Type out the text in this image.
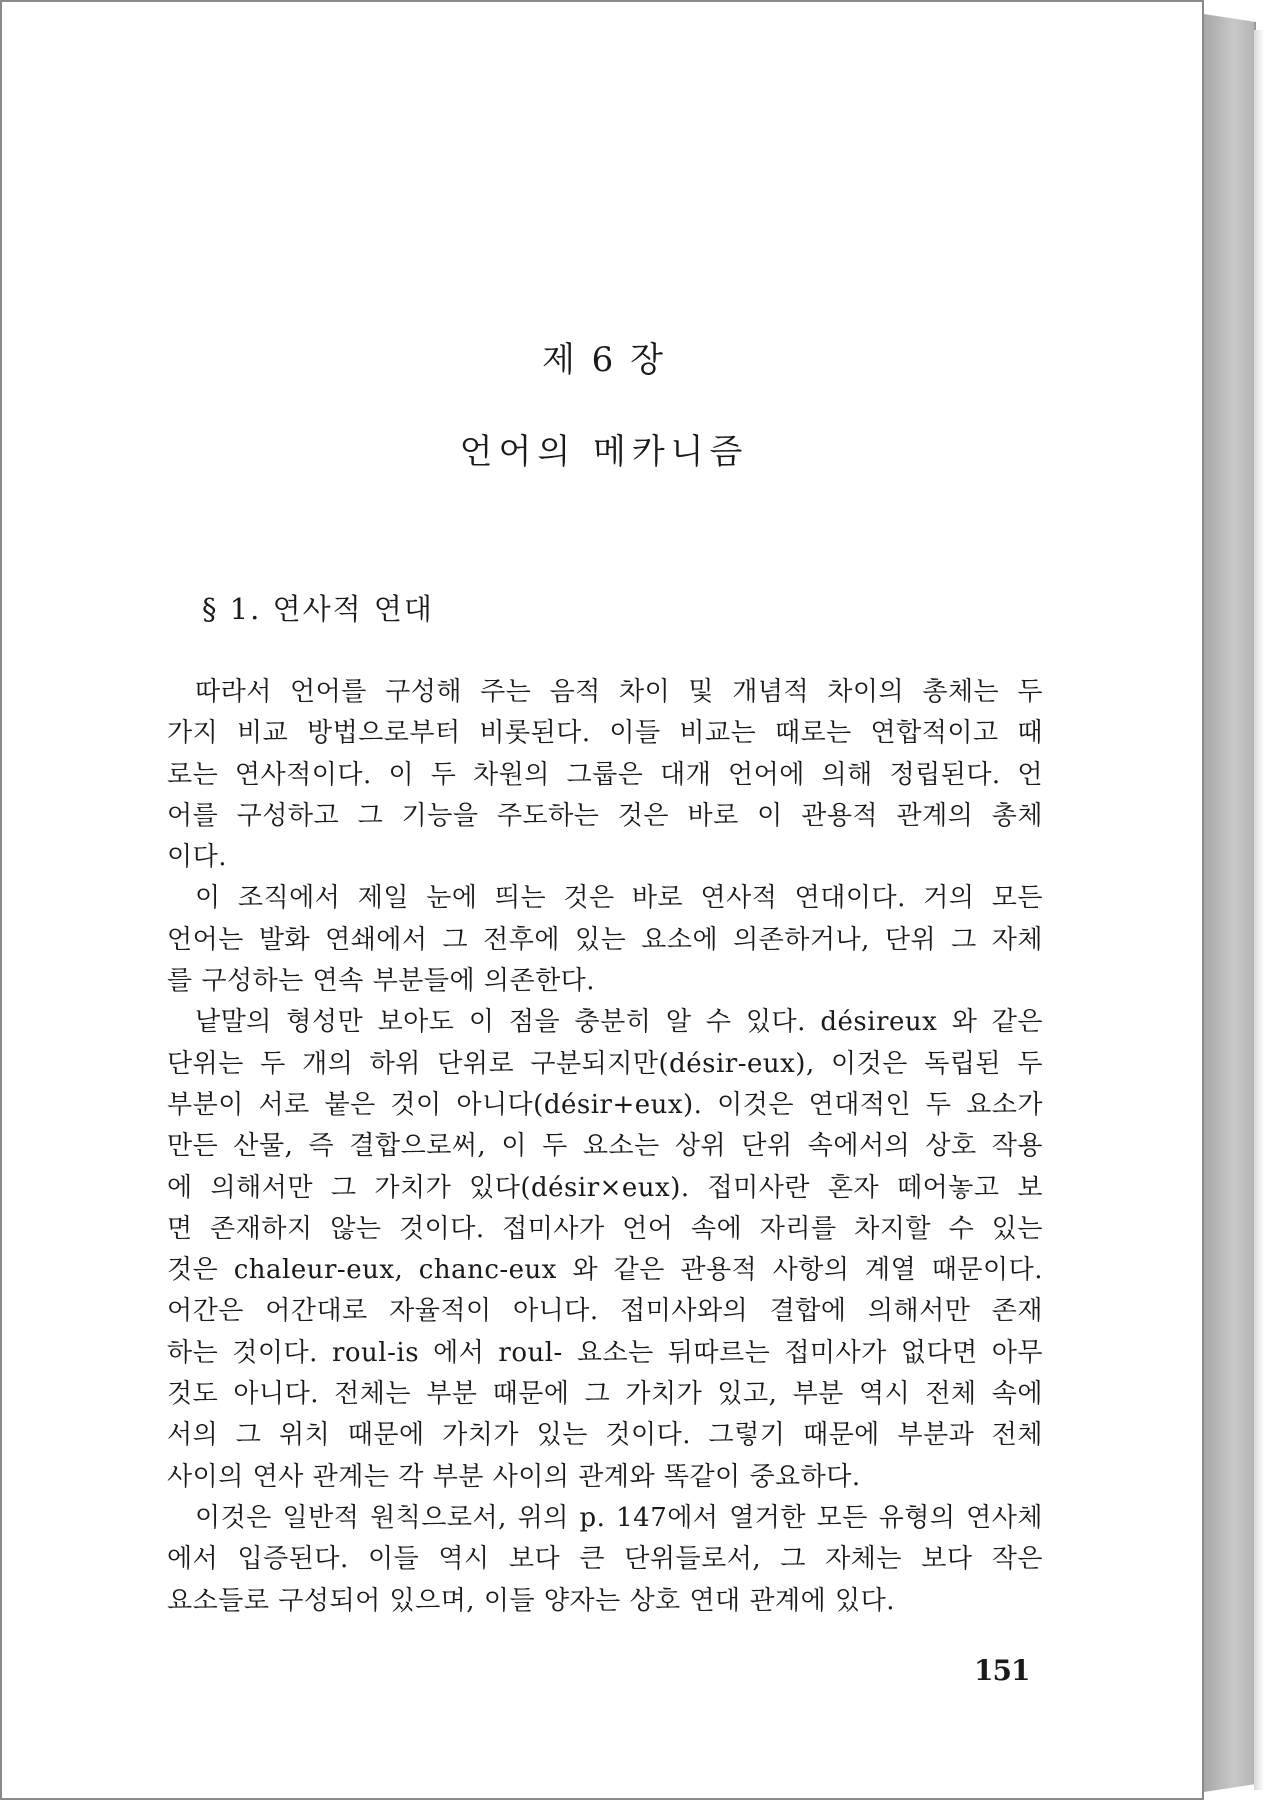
제 6 장
언어의 메카니즘
§ 1. 연사적 연대
따라서 언어를 구성해 주는 음적 차이 및 개념적 차이의 총체는 두
가지 비교 방법으로부터 비롯된다. 이들 비교는 때로는 연합적이고 때
로는 연사적이다. 이 두 차원의 그룹은 대개 언어에 의해 정립된다. 언
어를 구성하고 그 기능을 주도하는 것은 바로 이 관용적 관계의 총체
이다.
이 조직에서 제일 눈에 띄는 것은 바로 연사적 연대이다. 거의 모든
언어는 발화 연쇄에서 그 전후에 있는 요소에 의존하거나, 단위 그 자체
를 구성하는 연속 부분들에 의존한다.
낱말의 형성만 보아도 이 점을 충분히 알 수 있다. désireux 와 같은
단위는 두 개의 하위 단위로 구분되지만(désir-eux), 이것은 독립된 두
부분이 서로 붙은 것이 아니다(désir+eux). 이것은 연대적인 두 요소가
만든 산물, 즉 결합으로써, 이 두 요소는 상위 단위 속에서의 상호 작용
에 의해서만 그 가치가 있다(désir×eux). 접미사란 혼자 떼어놓고 보
면 존재하지 않는 것이다. 접미사가 언어 속에 자리를 차지할 수 있는
것은 chaleur-eux, chanc-eux 와 같은 관용적 사항의 계열 때문이다.
어간은 어간대로 자율적이 아니다. 접미사와의 결합에 의해서만 존재
하는 것이다. roul-is 에서 roul- 요소는 뒤따르는 접미사가 없다면 아무
것도 아니다. 전체는 부분 때문에 그 가치가 있고, 부분 역시 전체 속에
서의 그 위치 때문에 가치가 있는 것이다. 그렇기 때문에 부분과 전체
사이의 연사 관계는 각 부분 사이의 관계와 똑같이 중요하다.
이것은 일반적 원칙으로서, 위의 p. 147에서 열거한 모든 유형의 연사체
에서 입증된다. 이들 역시 보다 큰 단위들로서, 그 자체는 보다 작은
요소들로 구성되어 있으며, 이들 양자는 상호 연대 관계에 있다.
151
